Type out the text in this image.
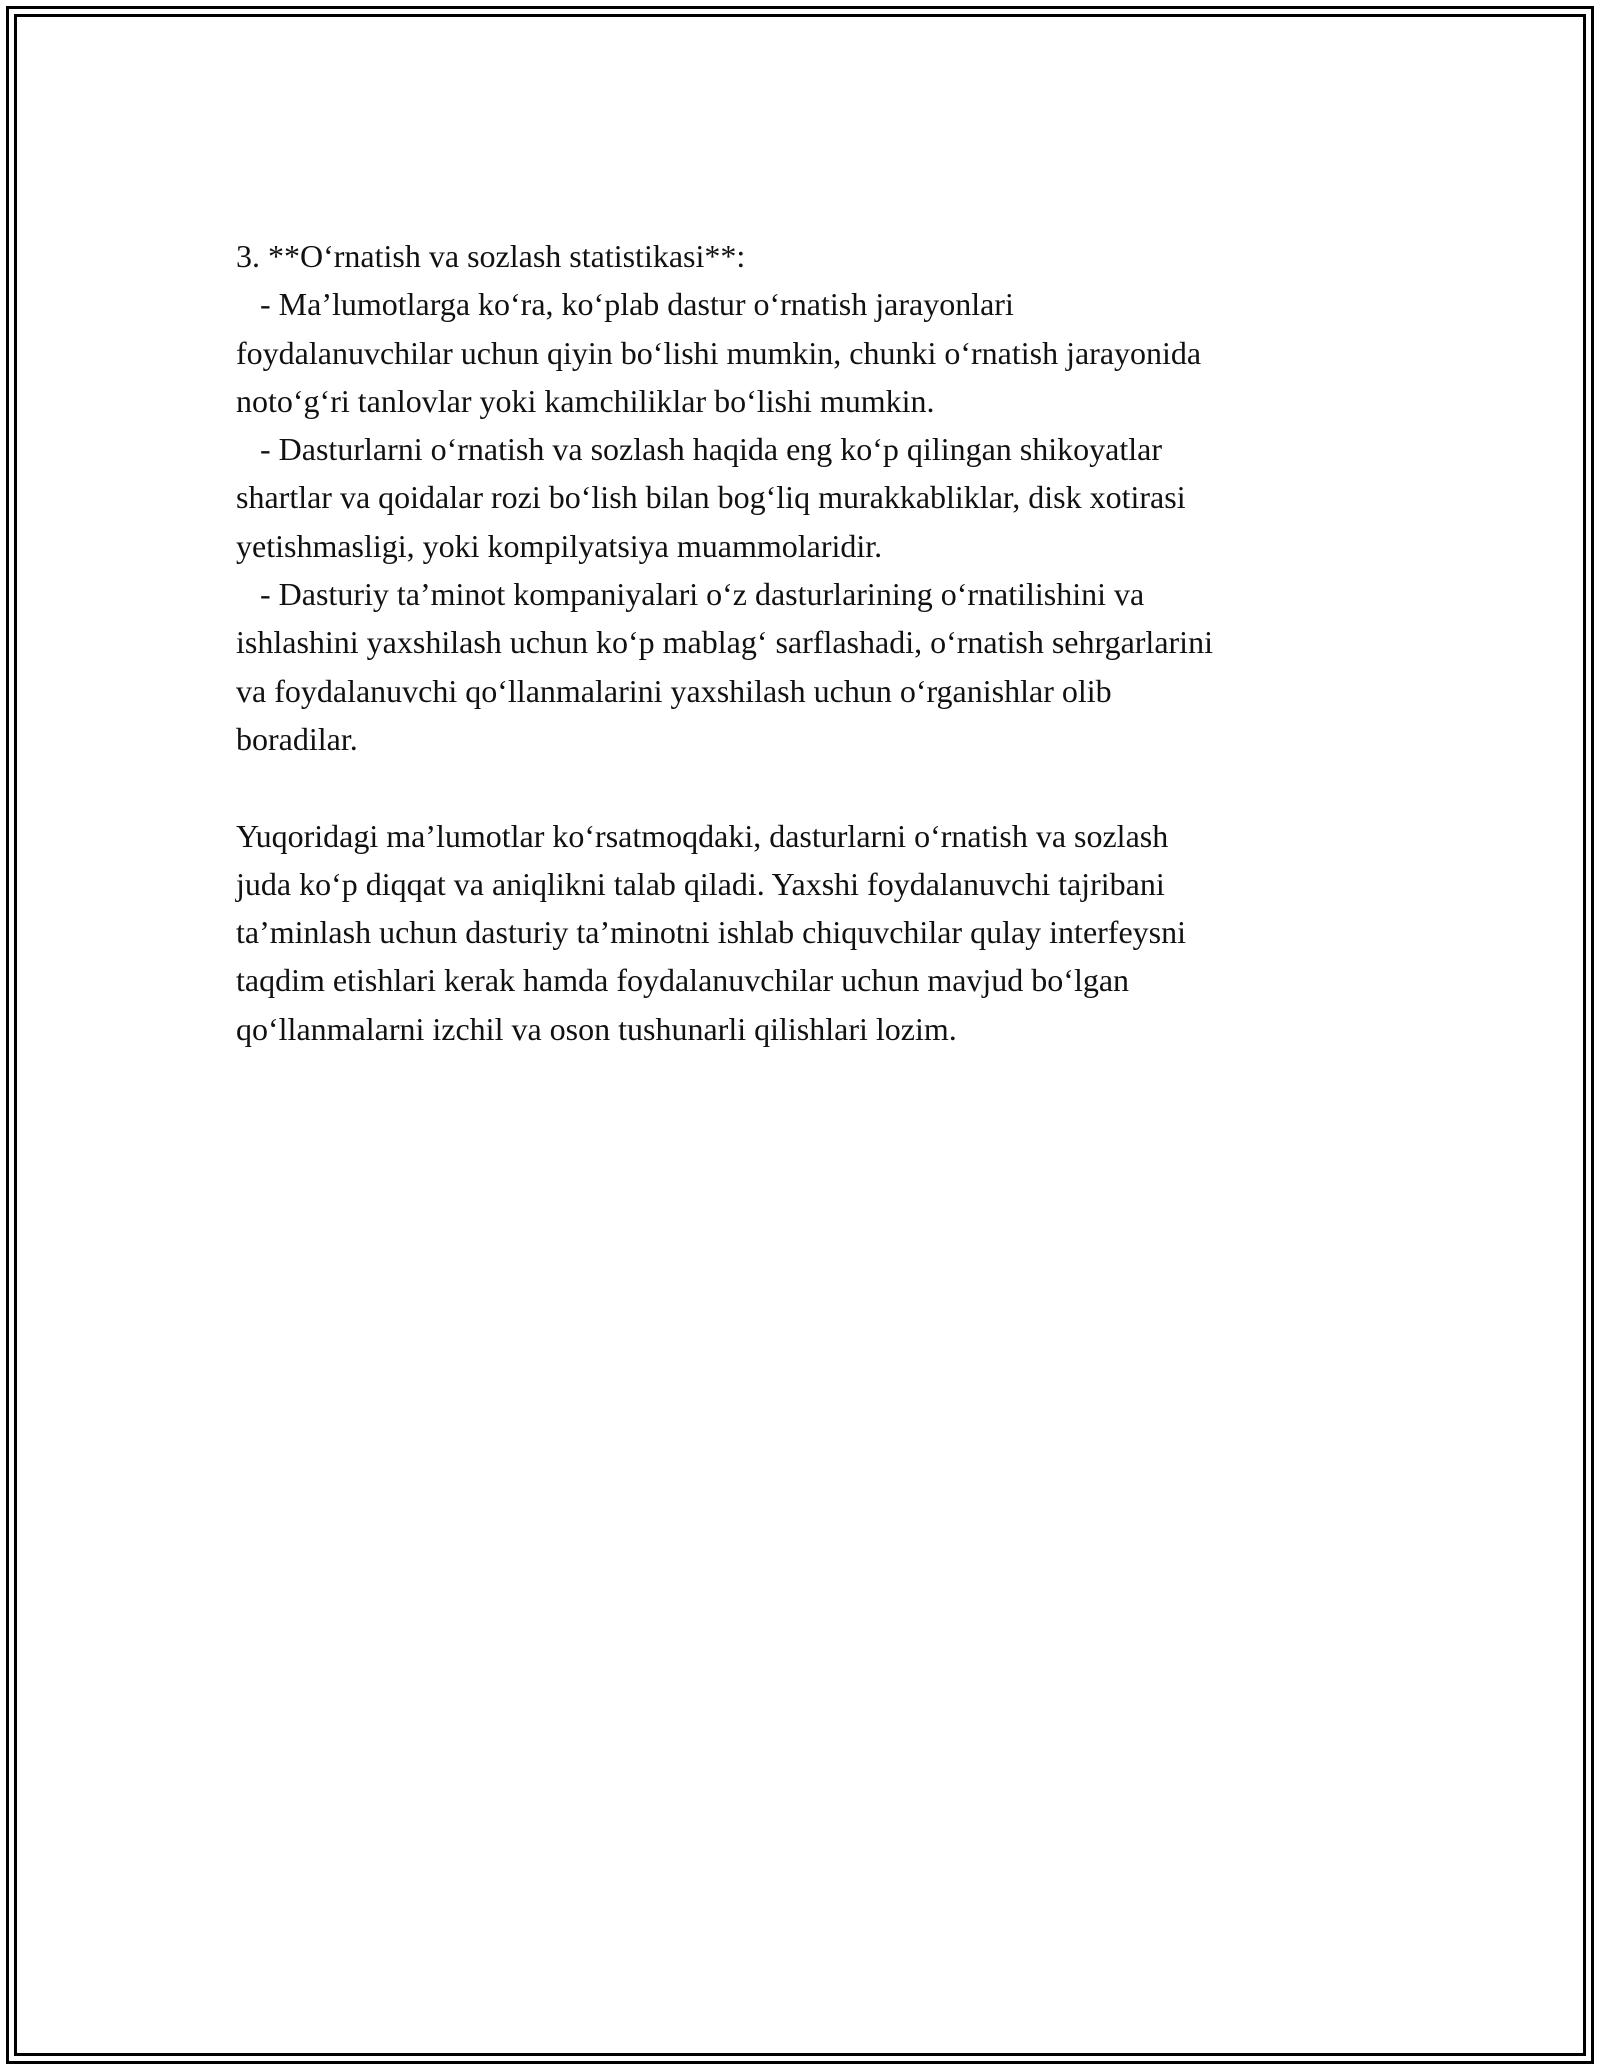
3. **O‘rnatish va sozlash statistikasi**:
- Ma’lumotlarga ko‘ra, ko‘plab dastur o‘rnatish jarayonlari
foydalanuvchilar uchun qiyin bo‘lishi mumkin, chunki o‘rnatish jarayonida
noto‘g‘ri tanlovlar yoki kamchiliklar bo‘lishi mumkin.
- Dasturlarni o‘rnatish va sozlash haqida eng ko‘p qilingan shikoyatlar
shartlar va qoidalar rozi bo‘lish bilan bog‘liq murakkabliklar, disk xotirasi
yetishmasligi, yoki kompilyatsiya muammolaridir.
- Dasturiy ta’minot kompaniyalari o‘z dasturlarining o‘rnatilishini va
ishlashini yaxshilash uchun ko‘p mablag‘ sarflashadi, o‘rnatish sehrgarlarini
va foydalanuvchi qo‘llanmalarini yaxshilash uchun o‘rganishlar olib
boradilar.
Yuqoridagi ma’lumotlar ko‘rsatmoqdaki, dasturlarni o‘rnatish va sozlash
juda ko‘p diqqat va aniqlikni talab qiladi. Yaxshi foydalanuvchi tajribani
ta’minlash uchun dasturiy ta’minotni ishlab chiquvchilar qulay interfeysni
taqdim etishlari kerak hamda foydalanuvchilar uchun mavjud bo‘lgan
qo‘llanmalarni izchil va oson tushunarli qilishlari lozim.
